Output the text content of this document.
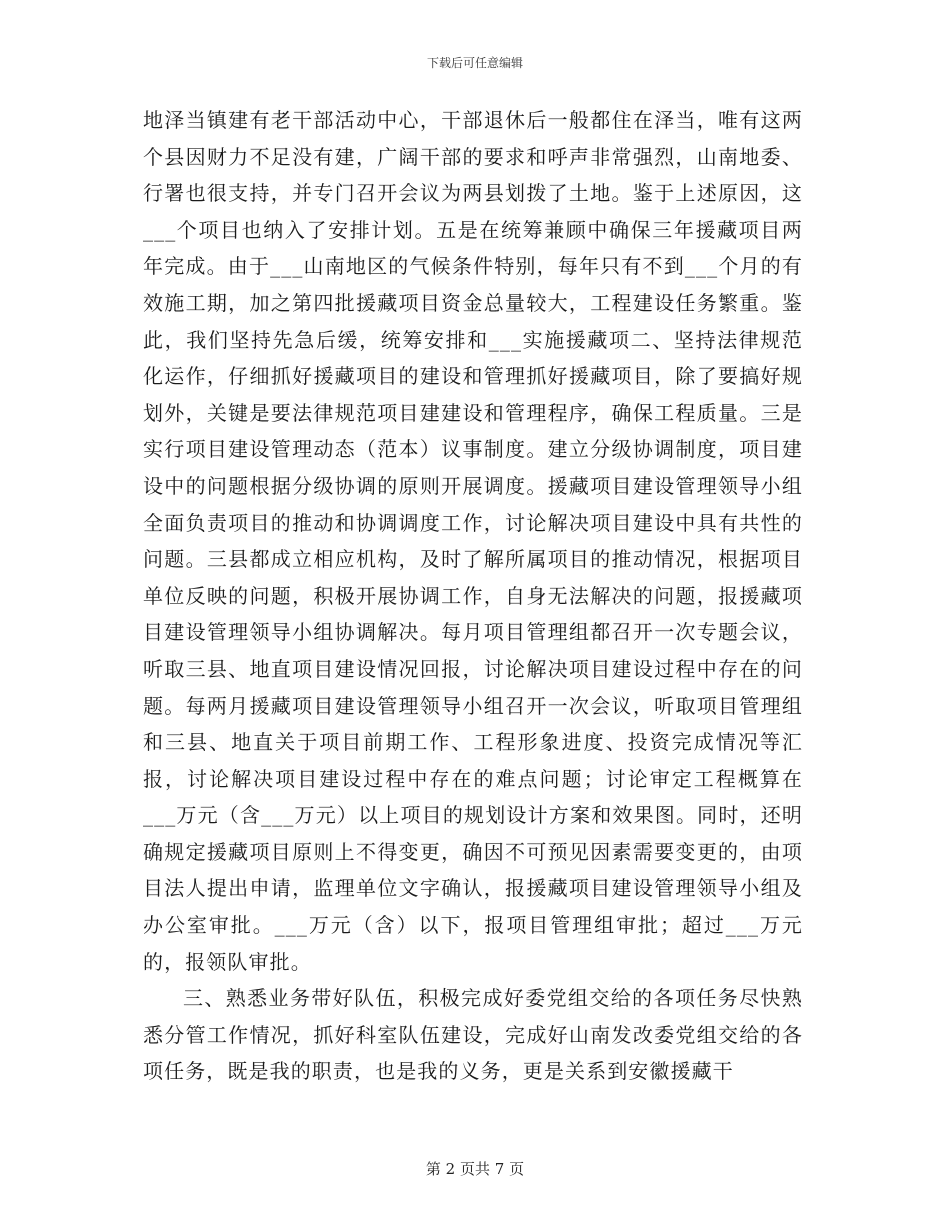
下载后可任意编辑

地泽当镇建有老干部活动中心，干部退休后一般都住在泽当，唯有这两个县因财力不足没有建，广阔干部的要求和呼声非常强烈，山南地委、行署也很支持，并专门召开会议为两县划拨了土地。鉴于上述原因，这___个项目也纳入了安排计划。五是在统筹兼顾中确保三年援藏项目两年完成。由于___山南地区的气候条件特别，每年只有不到___个月的有效施工期，加之第四批援藏项目资金总量较大，工程建设任务繁重。鉴此，我们坚持先急后缓，统筹安排和___实施援藏项二、坚持法律规范化运作，仔细抓好援藏项目的建设和管理抓好援藏项目，除了要搞好规划外，关键是要法律规范项目建建设和管理程序，确保工程质量。三是实行项目建设管理动态（范本）议事制度。建立分级协调制度，项目建设中的问题根据分级协调的原则开展调度。援藏项目建设管理领导小组全面负责项目的推动和协调调度工作，讨论解决项目建设中具有共性的问题。三县都成立相应机构，及时了解所属项目的推动情况，根据项目单位反映的问题，积极开展协调工作，自身无法解决的问题，报援藏项目建设管理领导小组协调解决。每月项目管理组都召开一次专题会议，听取三县、地直项目建设情况回报，讨论解决项目建设过程中存在的问题。每两月援藏项目建设管理领导小组召开一次会议，听取项目管理组和三县、地直关于项目前期工作、工程形象进度、投资完成情况等汇报，讨论解决项目建设过程中存在的难点问题；讨论审定工程概算在___万元（含___万元）以上项目的规划设计方案和效果图。同时，还明确规定援藏项目原则上不得变更，确因不可预见因素需要变更的，由项目法人提出申请，监理单位文字确认，报援藏项目建设管理领导小组及办公室审批。___万元（含）以下，报项目管理组审批；超过___万元的，报领队审批。

三、熟悉业务带好队伍，积极完成好委党组交给的各项任务尽快熟悉分管工作情况，抓好科室队伍建设，完成好山南发改委党组交给的各项任务，既是我的职责，也是我的义务，更是关系到安徽援藏干

第 2 页共 7 页
